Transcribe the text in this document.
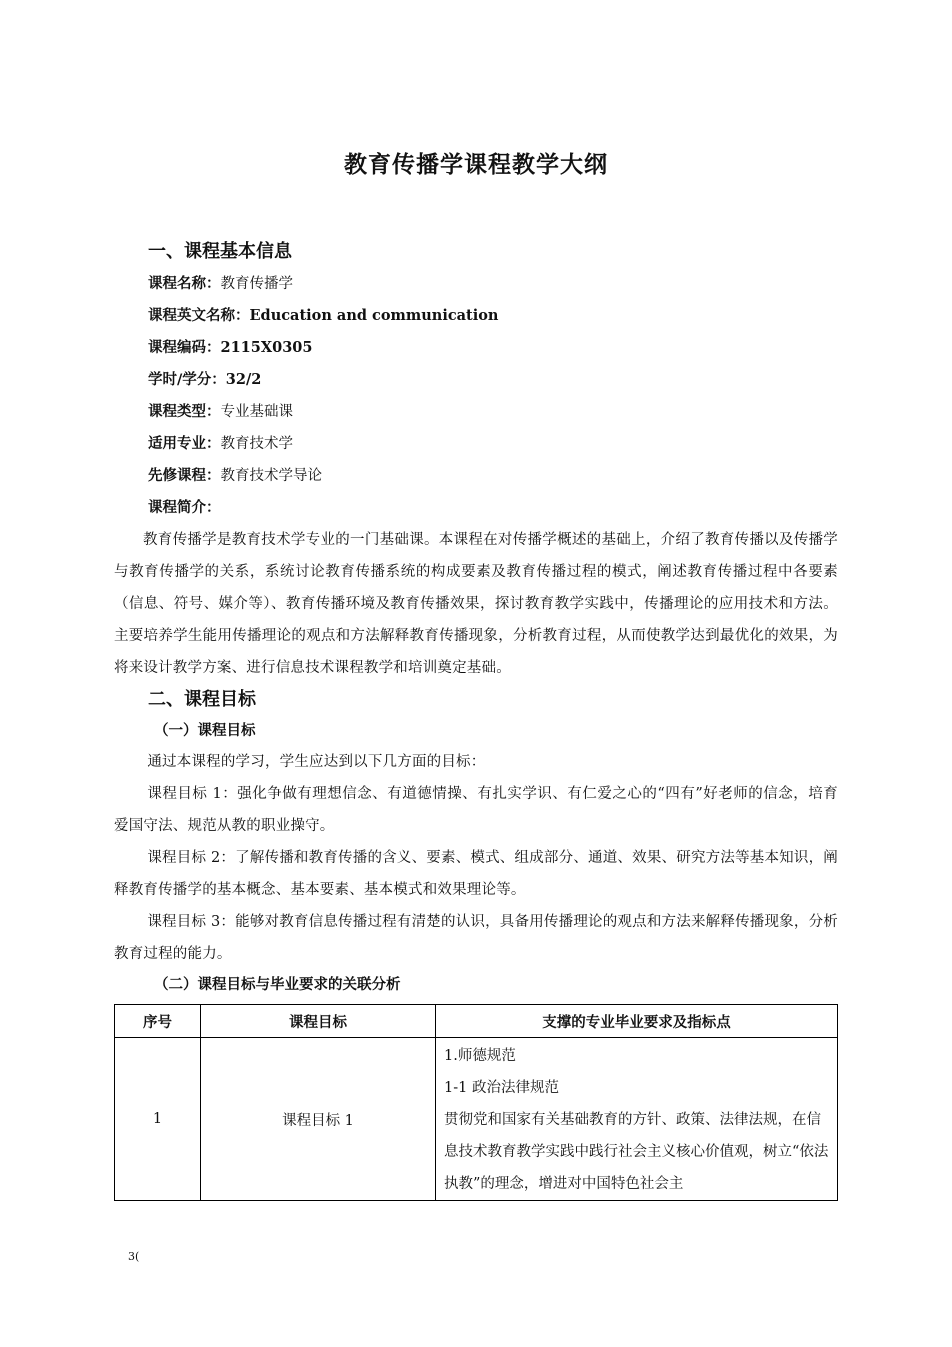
教育传播学课程教学大纲
一、课程基本信息
课程名称：教育传播学
课程英文名称：Education and communication
课程编码：2115X0305
学时/学分：32/2
课程类型：专业基础课
适用专业：教育技术学
先修课程：教育技术学导论
课程简介：

教育传播学是教育技术学专业的一门基础课。本课程在对传播学概述的基础上，介绍了教育传播以及传播学与教育传播学的关系，系统讨论教育传播系统的构成要素及教育传播过程的模式，阐述教育传播过程中各要素（信息、符号、媒介等）、教育传播环境及教育传播效果，探讨教育教学实践中，传播理论的应用技术和方法。主要培养学生能用传播理论的观点和方法解释教育传播现象，分析教育过程，从而使教学达到最优化的效果，为将来设计教学方案、进行信息技术课程教学和培训奠定基础。

二、课程目标
（一）课程目标

通过本课程的学习，学生应达到以下几方面的目标：

课程目标 1：强化争做有理想信念、有道德情操、有扎实学识、有仁爱之心的“四有”好老师的信念，培育爱国守法、规范从教的职业操守。

课程目标 2：了解传播和教育传播的含义、要素、模式、组成部分、通道、效果、研究方法等基本知识，阐释教育传播学的基本概念、基本要素、基本模式和效果理论等。

课程目标 3：能够对教育信息传播过程有清楚的认识，具备用传播理论的观点和方法来解释传播现象，分析教育过程的能力。

（二）课程目标与毕业要求的关联分析
序号	课程目标	支撑的专业毕业要求及指标点
1	课程目标 1	1.师德规范
1-1 政治法律规范
贯彻党和国家有关基础教育的方针、政策、法律法规，在信息技术教育教学实践中践行社会主义核心价值观，树立“依法执教”的理念，增进对中国特色社会主
3(
